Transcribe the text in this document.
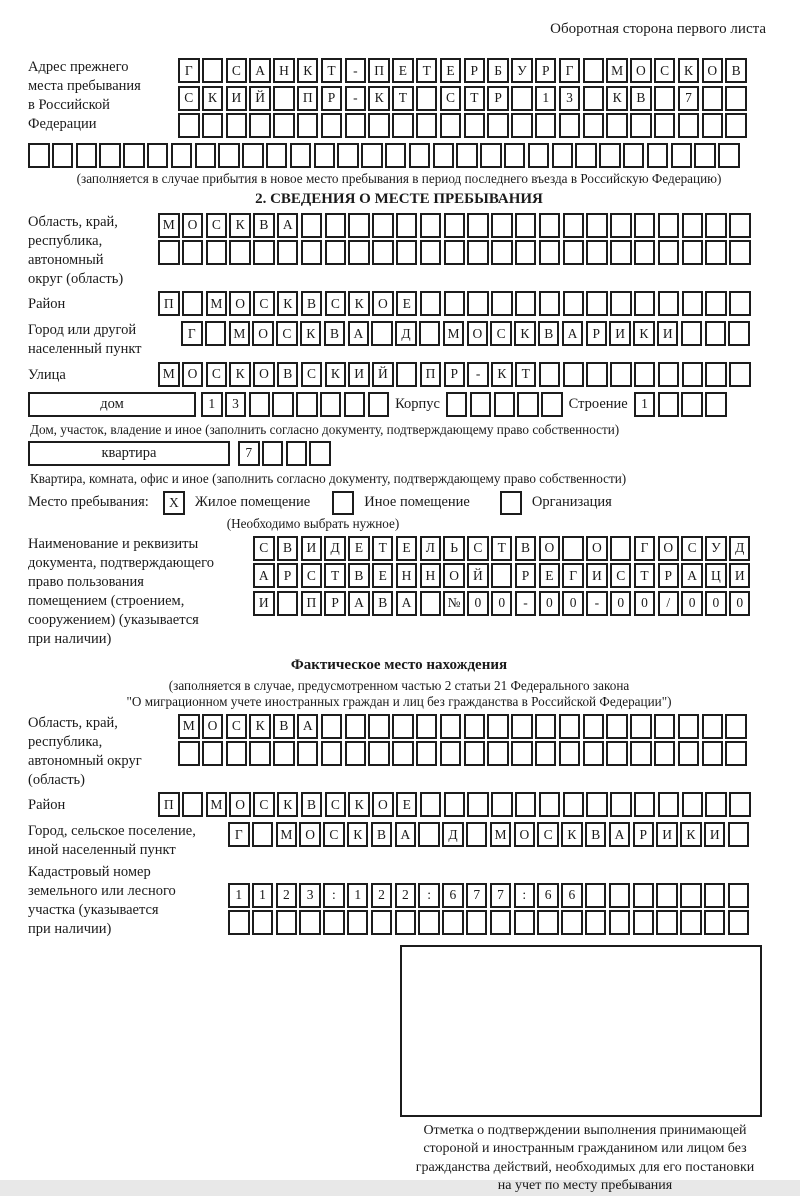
Оборотная сторона первого листа
Адрес прежнего
места пребывания
в Российской
Федерации
Г	С	А	Н	К	Т	-	П	Е	Т	Е	Р	Б	У	Р	Г	М О	С	К	О	В
С	К	И	Й	П	Р	-	К	Т	С	Т	Р	1	3	К	В	7
(заполняется в случае прибытия в новое место пребывания в период последнего въезда в Российскую Федерацию)
2. СВЕДЕНИЯ О МЕСТЕ ПРЕБЫВАНИЯ
Область, край,
республика,
автономный
округ (область)
М О	С	К	В	А
Район	П	М О	С	К	В	С	К	О	Е
Город или другой
населенный пункт
Г	М О	С	К	В	А	Д	М О	С	К	В	А	Р	И	К	И
Улица	М О	С	К	О	В	С	К	И	Й	П	Р	-	К	Т
дом	1	3	Корпус	Строение 1
Дом, участок, владение и иное (заполнить согласно документу, подтверждающему право собственности)
квартира	7
Квартира, комната, офис и иное (заполнить согласно документу, подтверждающему право собственности)
Место пребывания:	X	Жилое помещение	Иное помещение	Организация
(Необходимо выбрать нужное)
Наименование и реквизиты
документа, подтверждающего
право пользования
помещением (строением,
сооружением) (указывается
при наличии)
С	В	И	Д	Е	Т	Е	Л	Ь	С	Т	В	О	О	Г	О	С	У	Д
А	Р	С	Т	В	Е	Н	Н	О	Й	Р	Е	Г	И	С	Т	Р	А	Ц	И
И	П	Р	А	В	А	№	0	0	-	0	0	-	0	0	/	0	0	0
Фактическое место нахождения
(заполняется в случае, предусмотренном частью 2 статьи 21 Федерального закона
"О миграционном учете иностранных граждан и лиц без гражданства в Российской Федерации")
Область, край,
республика,
автономный округ
(область)
М О	С	К	В	А
Район	П	М О	С	К	В	С	К	О	Е
Город, сельское поселение,
иной населенный пункт
Г	М О	С	К	В	А	Д	М О	С	К	В	А	Р	И	К	И
Кадастровый номер
земельного или лесного
участка (указывается
при наличии)
1	1	2	3	:	1	2	2	:	6	7	7	:	6	6
Отметка о подтверждении выполнения принимающей
стороной и иностранным гражданином или лицом без
гражданства действий, необходимых для его постановки
на учет по месту пребывания
